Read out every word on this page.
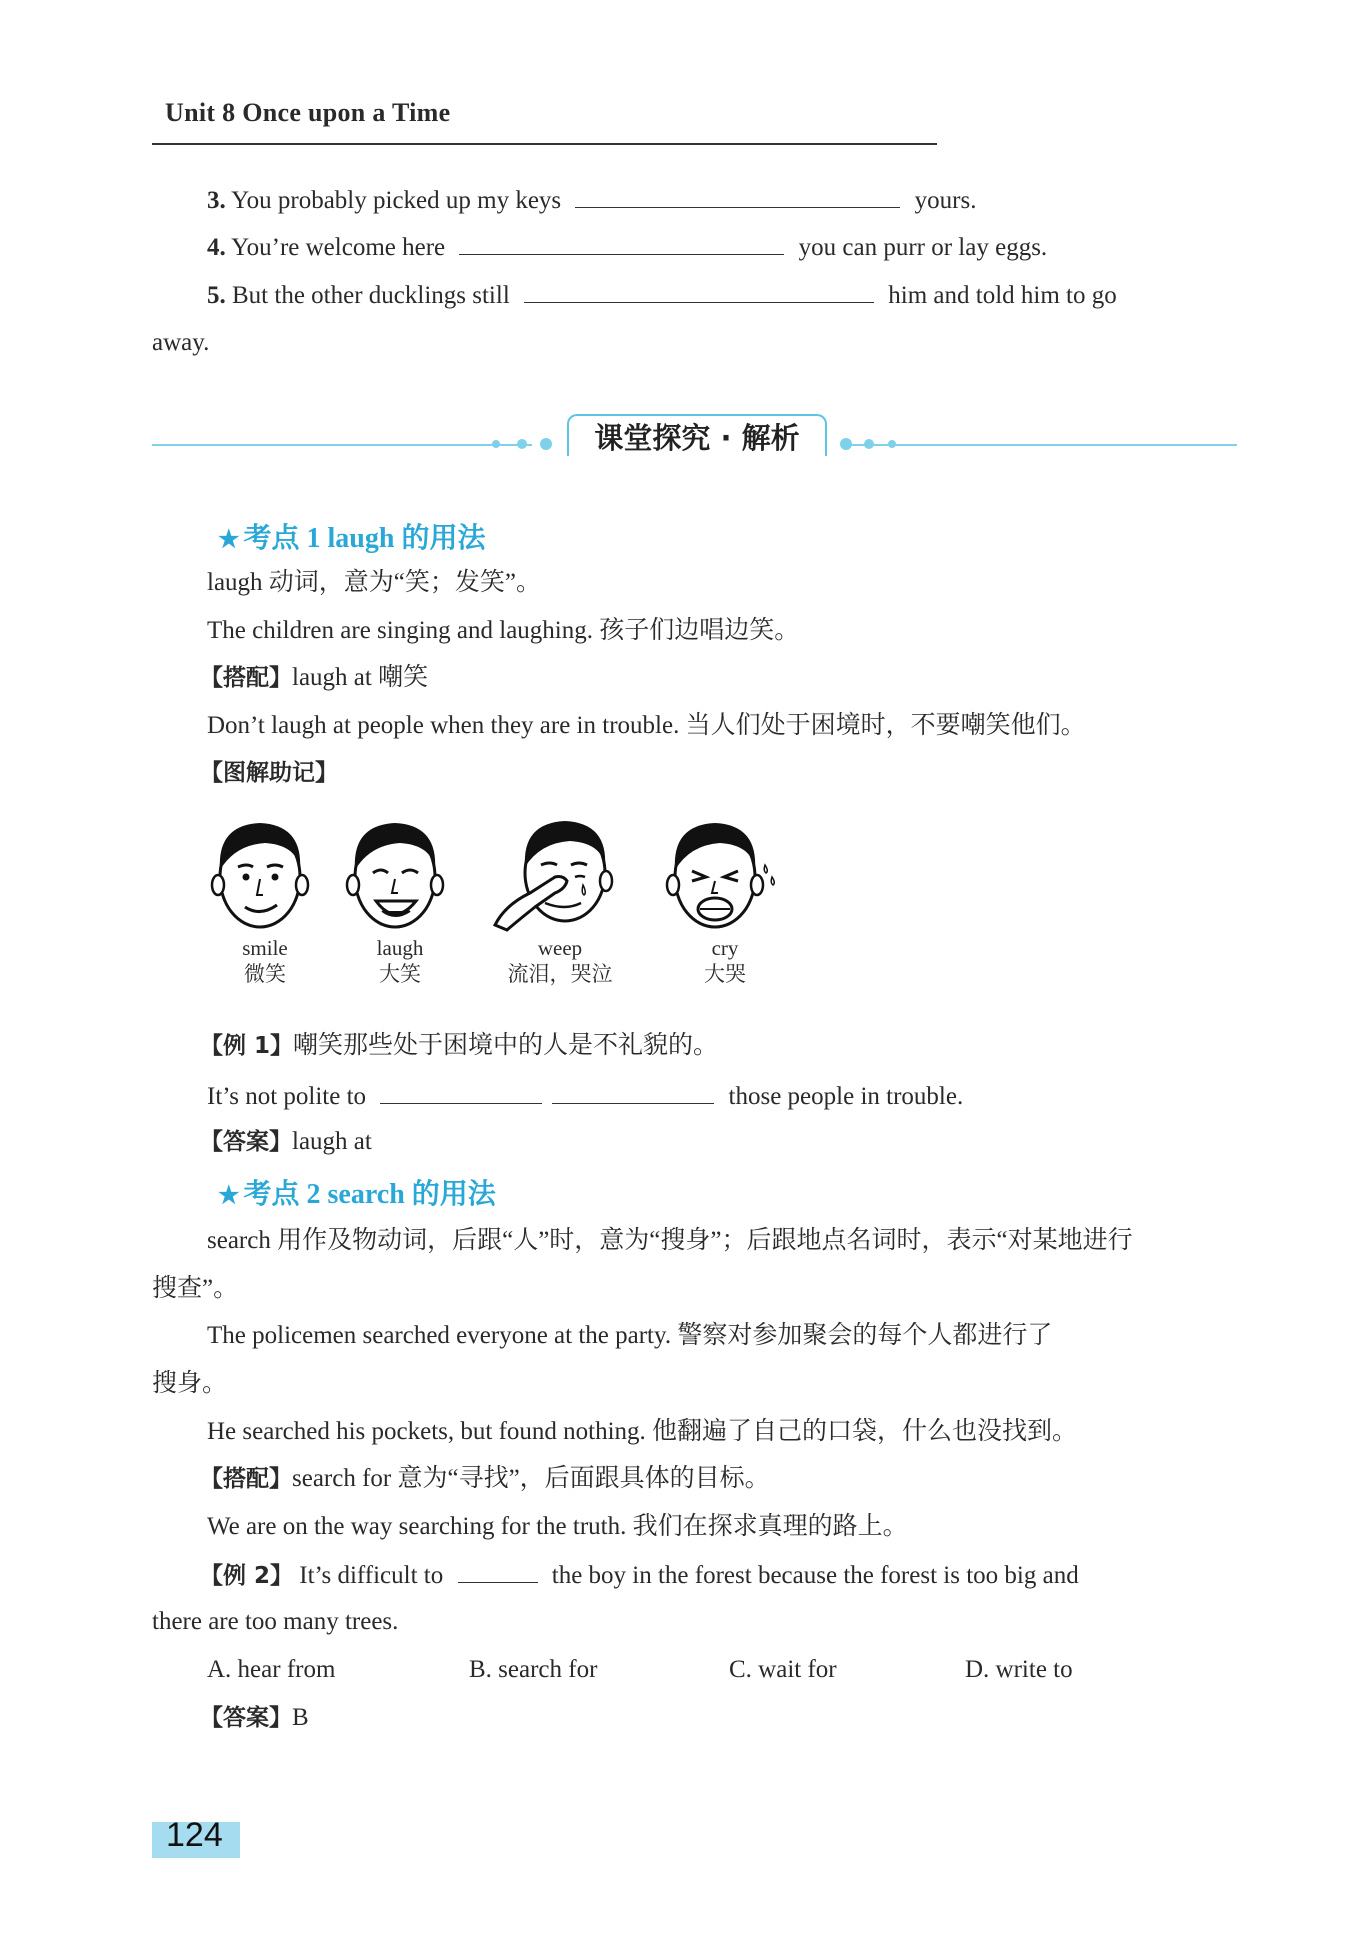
Unit 8 Once upon a Time
3. You probably picked up my keys	yours.
4. You’re welcome here	you can purr or lay eggs.
5. But the other ducklings still	him and told him to go
away.
课堂探究 · 解析
★ 考点 1 laugh 的用法
laugh 动词，意为“笑；发笑”。
The children are singing and laughing. 孩子们边唱边笑。
【搭配】laugh at 嘲笑
Don’t laugh at people when they are in trouble. 当人们处于困境时，不要嘲笑他们。
【图解助记】
smile
微笑
laugh
大笑
weep
流泪，哭泣
cry
大哭
【例 1】嘲笑那些处于困境中的人是不礼貌的。
It’s not polite to	those people in trouble.
【答案】laugh at
★ 考点 2 search 的用法
search 用作及物动词，后跟“人”时，意为“搜身”；后跟地点名词时，表示“对某地进行
搜查”。
The policemen searched everyone at the party. 警察对参加聚会的每个人都进行了
搜身。
He searched his pockets, but found nothing. 他翻遍了自己的口袋，什么也没找到。
【搭配】search for 意为“寻找”，后面跟具体的目标。
We are on the way searching for the truth. 我们在探求真理的路上。
【例 2】 It’s difficult to	the boy in the forest because the forest is too big and
there are too many trees.
A. hear from	B. search for	C. wait for	D. write to
【答案】B
124
